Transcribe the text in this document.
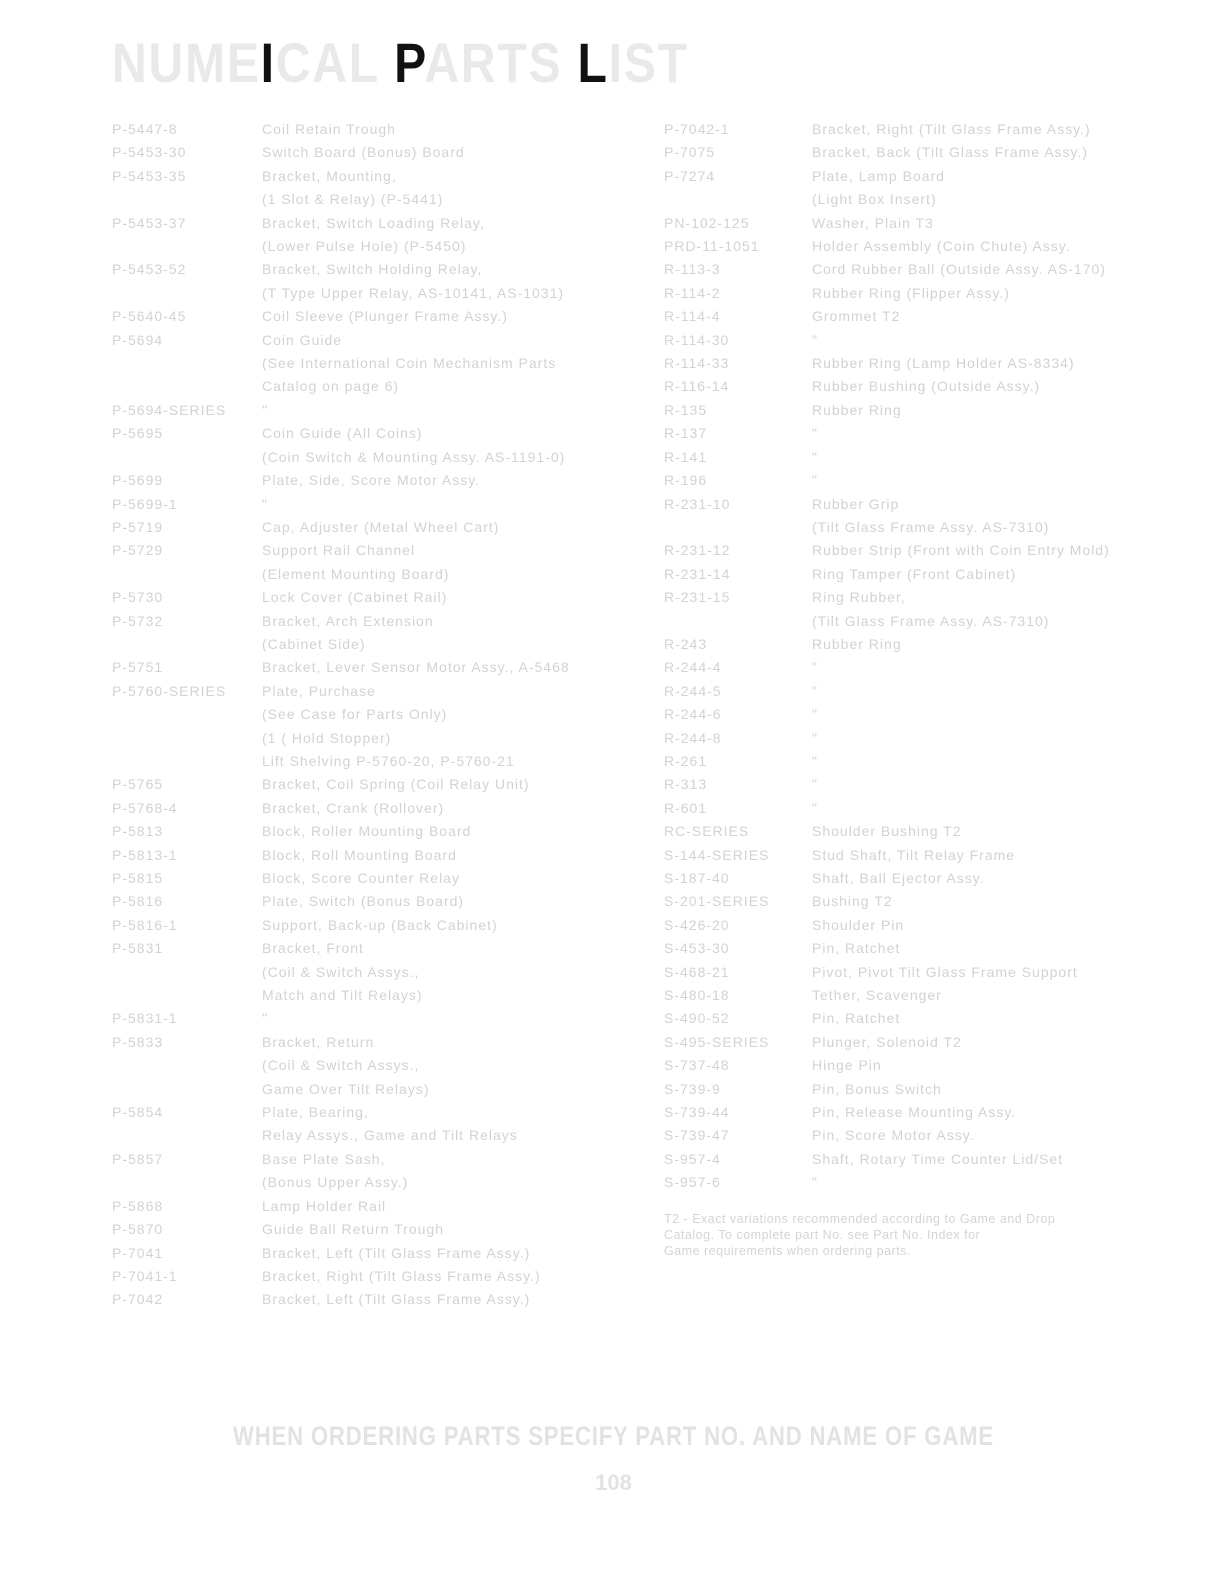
NUMEICAL PARTS LIST
P-5447-8	Coil Retain Trough
P-5453-30	Switch Board (Bonus) Board
P-5453-35	Bracket, Mounting,
(1 Slot & Relay) (P-5441)
P-5453-37	Bracket, Switch Loading Relay,
(Lower Pulse Hole) (P-5450)
P-5453-52	Bracket, Switch Holding Relay,
(T Type Upper Relay, AS-10141, AS-1031)
P-5640-45	Coil Sleeve (Plunger Frame Assy.)
P-5694	Coin Guide
(See International Coin Mechanism Parts
Catalog on page 6)
P-5694-SERIES	"
P-5695	Coin Guide (All Coins)
(Coin Switch & Mounting Assy. AS-1191-0)
P-5699	Plate, Side, Score Motor Assy.
P-5699-1	"
P-5719	Cap, Adjuster (Metal Wheel Cart)
P-5729	Support Rail Channel
(Element Mounting Board)
P-5730	Lock Cover (Cabinet Rail)
P-5732	Bracket, Arch Extension
(Cabinet Side)
P-5751	Bracket, Lever Sensor Motor Assy., A-5468
P-5760-SERIES	Plate, Purchase
(See Case for Parts Only)
(1 ( Hold Stopper)
Lift Shelving P-5760-20, P-5760-21
P-5765	Bracket, Coil Spring (Coil Relay Unit)
P-5768-4	Bracket, Crank (Rollover)
P-5813	Block, Roller Mounting Board
P-5813-1	Block, Roll Mounting Board
P-5815	Block, Score Counter Relay
P-5816	Plate, Switch (Bonus Board)
P-5816-1	Support, Back-up (Back Cabinet)
P-5831	Bracket, Front
(Coil & Switch Assys.,
Match and Tilt Relays)
P-5831-1	"
P-5833	Bracket, Return
(Coil & Switch Assys.,
Game Over Tilt Relays)
P-5854	Plate, Bearing,
Relay Assys., Game and Tilt Relays
P-5857	Base Plate Sash,
(Bonus Upper Assy.)
P-5868	Lamp Holder Rail
P-5870	Guide Ball Return Trough
P-7041	Bracket, Left (Tilt Glass Frame Assy.)
P-7041-1	Bracket, Right (Tilt Glass Frame Assy.)
P-7042	Bracket, Left (Tilt Glass Frame Assy.)
P-7042-1	Bracket, Right (Tilt Glass Frame Assy.)
P-7075	Bracket, Back (Tilt Glass Frame Assy.)
P-7274	Plate, Lamp Board
(Light Box Insert)
PN-102-125	Washer, Plain T3
PRD-11-1051	Holder Assembly (Coin Chute) Assy.
R-113-3	Cord Rubber Ball (Outside Assy. AS-170)
R-114-2	Rubber Ring (Flipper Assy.)
R-114-4	Grommet T2
R-114-30	"
R-114-33	Rubber Ring (Lamp Holder AS-8334)
R-116-14	Rubber Bushing (Outside Assy.)
R-135	Rubber Ring
R-137	"
R-141	"
R-196	"
R-231-10	Rubber Grip
(Tilt Glass Frame Assy. AS-7310)
R-231-12	Rubber Strip (Front with Coin Entry Mold)
R-231-14	Ring Tamper (Front Cabinet)
R-231-15	Ring Rubber,
(Tilt Glass Frame Assy. AS-7310)
R-243	Rubber Ring
R-244-4	"
R-244-5	"
R-244-6	"
R-244-8	"
R-261	"
R-313	"
R-601	"
RC-SERIES	Shoulder Bushing T2
S-144-SERIES	Stud Shaft, Tilt Relay Frame
S-187-40	Shaft, Ball Ejector Assy.
S-201-SERIES	Bushing T2
S-426-20	Shoulder Pin
S-453-30	Pin, Ratchet
S-468-21	Pivot, Pivot Tilt Glass Frame Support
S-480-18	Tether, Scavenger
S-490-52	Pin, Ratchet
S-495-SERIES	Plunger, Solenoid T2
S-737-48	Hinge Pin
S-739-9	Pin, Bonus Switch
S-739-44	Pin, Release Mounting Assy.
S-739-47	Pin, Score Motor Assy.
S-957-4	Shaft, Rotary Time Counter Lid/Set
S-957-6	"
T2 - Exact variations recommended according to Game and Drop
Catalog. To complete part No. see Part No. Index for
Game requirements when ordering parts.
WHEN ORDERING PARTS SPECIFY PART NO. AND NAME OF GAME
108
